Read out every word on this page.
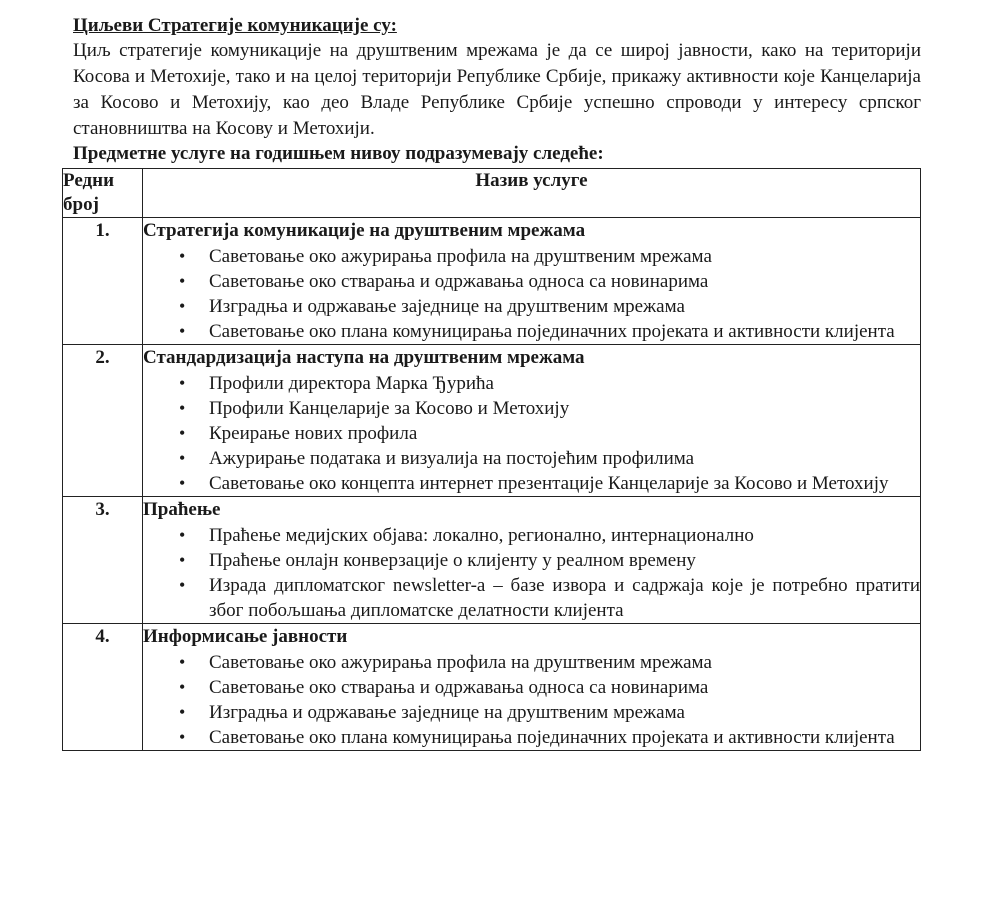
Циљеви Стратегије комуникације су:

Циљ стратегије комуникације на друштвеним мрежама је да се широј јавности, како на територији Косова и Метохије, тако и на целој територији Републике Србије, прикажу активности које Канцеларија за Косово и Метохију, као део Владе Републике Србије успешно спроводи у интересу српског становништва на Косову и Метохији.

Предметне услуге на годишњем нивоу подразумевају следеће:

Редни број	Назив услуге
1.	Стратегија комуникације на друштвеним мрежама
• Саветовање око ажурирања профила на друштвеним мрежама
• Саветовање око стварања и одржавања односа са новинарима
• Изградња и одржавање заједнице на друштвеним мрежама
• Саветовање око плана комуницирања појединачних пројеката и активности клијента

2.	Стандардизација наступа на друштвеним мрежама
• Профили директора Марка Ђурића
• Профили Канцеларије за Косово и Метохију
• Креирање нових профила
• Ажурирање података и визуалија на постојећим профилима
• Саветовање око концепта интернет презентације Канцеларије за Косово и Метохију

3.	Праћење
• Праћење медијских објава: локално, регионално, интернационално
• Праћење онлајн конверзације о клијенту у реалном времену
• Израда дипломатског newsletter-а – базе извора и садржаја које је потребно пратити због побољшања дипломатске делатности клијента

4.	Информисање јавности
• Саветовање око ажурирања профила на друштвеним мрежама
• Саветовање око стварања и одржавања односа са новинарима
• Изградња и одржавање заједнице на друштвеним мрежама
• Саветовање око плана комуницирања појединачних пројеката и активности клијента
